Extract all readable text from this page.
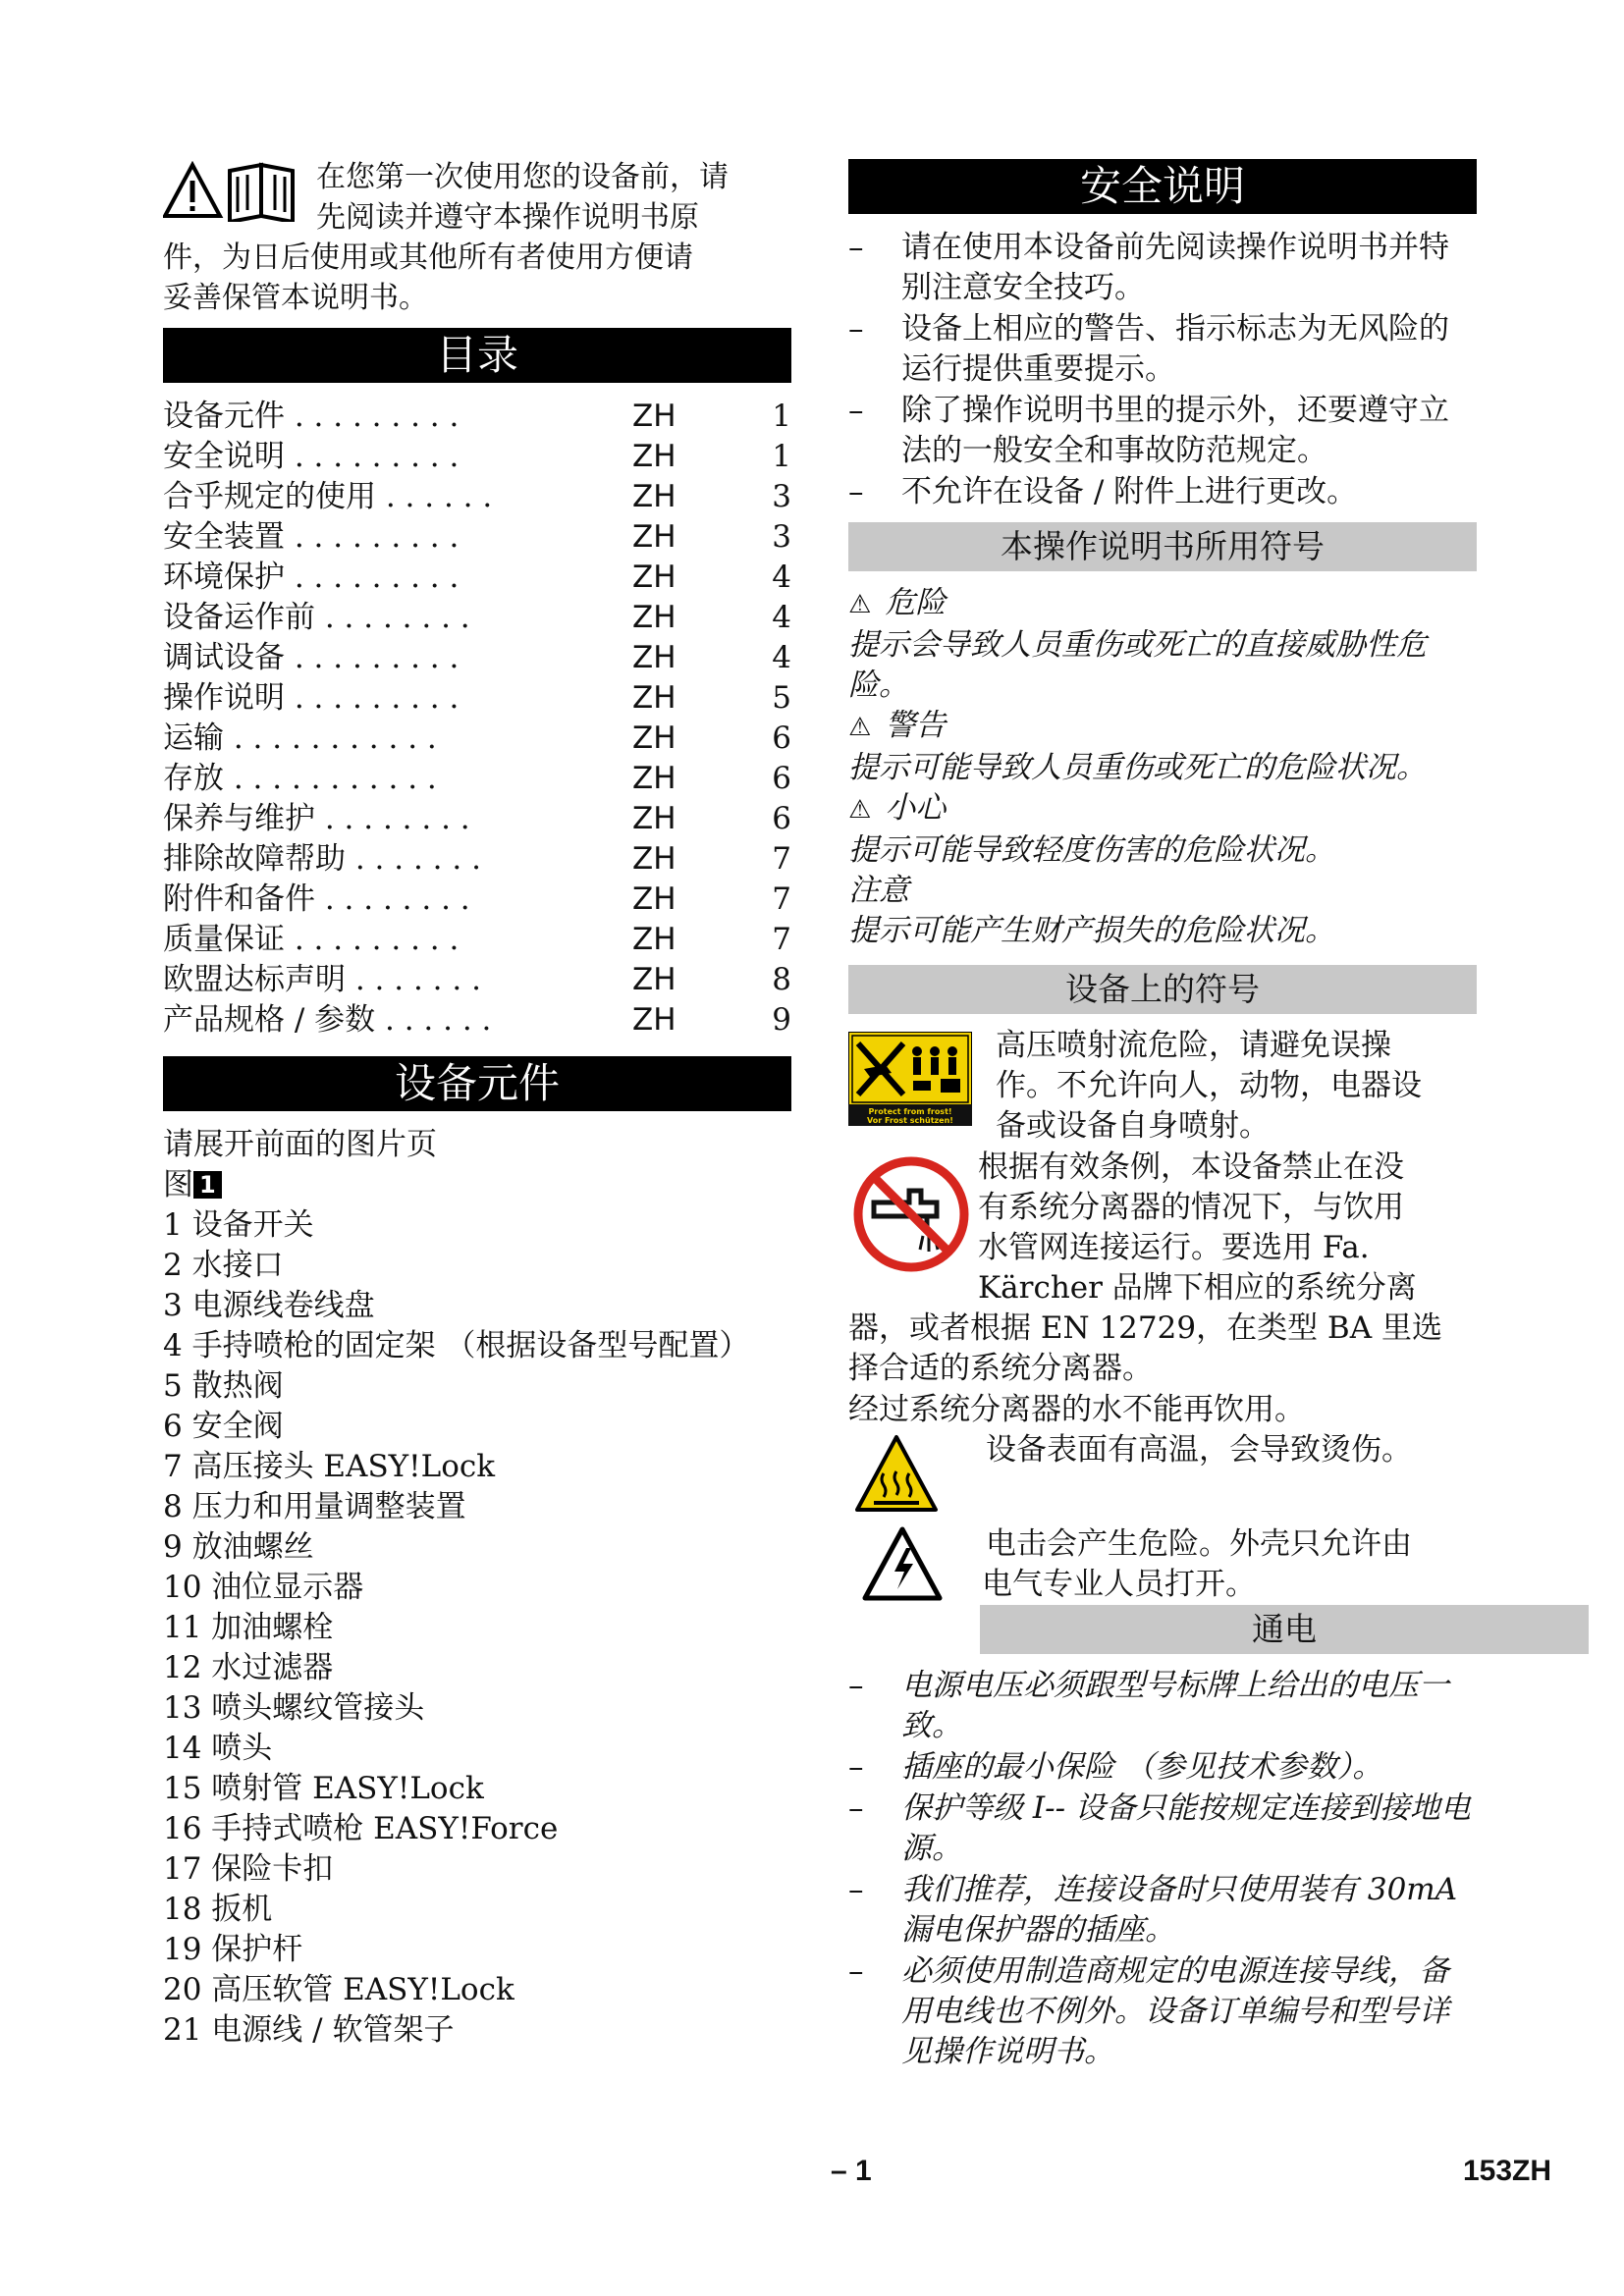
在您第一次使用您的设备前，请
先阅读并遵守本操作说明书原
件，为日后使用或其他所有者使用方便请
妥善保管本说明书。
目录
设备元件 . . . . . . . . .	ZH	1
安全说明 . . . . . . . . .	ZH	1
合乎规定的使用 . . . . . .	ZH	3
安全装置 . . . . . . . . .	ZH	3
环境保护 . . . . . . . . .	ZH	4
设备运作前 . . . . . . . .	ZH	4
调试设备 . . . . . . . . .	ZH	4
操作说明 . . . . . . . . .	ZH	5
运输 . . . . . . . . . . .	ZH	6
存放 . . . . . . . . . . .	ZH	6
保养与维护 . . . . . . . .	ZH	6
排除故障帮助 . . . . . . .	ZH	7
附件和备件 . . . . . . . .	ZH	7
质量保证 . . . . . . . . .	ZH	7
欧盟达标声明 . . . . . . .	ZH	8
产品规格 / 参数 . . . . . .	ZH	9
设备元件
请展开前面的图片页
图 1
1 设备开关
2 水接口
3 电源线卷线盘
4 手持喷枪的固定架 （根据设备型号配置）
5 散热阀
6 安全阀
7 高压接头 EASY!Lock
8 压力和用量调整装置
9 放油螺丝
10 油位显示器
11 加油螺栓
12 水过滤器
13 喷头螺纹管接头
14 喷头
15 喷射管 EASY!Lock
16 手持式喷枪 EASY!Force
17 保险卡扣
18 扳机
19 保护杆
20 高压软管 EASY!Lock
21 电源线 / 软管架子
安全说明
– 请在使用本设备前先阅读操作说明书并特别注意安全技巧。
– 设备上相应的警告、指示标志为无风险的运行提供重要提示。
– 除了操作说明书里的提示外，还要遵守立法的一般安全和事故防范规定。
– 不允许在设备 / 附件上进行更改。
本操作说明书所用符号
⚠ 危险
提示会导致人员重伤或死亡的直接威胁性危险。
⚠ 警告
提示可能导致人员重伤或死亡的危险状况。
⚠ 小心
提示可能导致轻度伤害的危险状况。
注意
提示可能产生财产损失的危险状况。
设备上的符号
Protect from frost!
Vor Frost schützen!
高压喷射流危险，请避免误操
作。不允许向人，动物，电器设
备或设备自身喷射。
根据有效条例，本设备禁止在没
有系统分离器的情况下，与饮用
水管网连接运行。要选用 Fa.
Kärcher 品牌下相应的系统分离
器，或者根据 EN 12729，在类型 BA 里选
择合适的系统分离器。
经过系统分离器的水不能再饮用。
设备表面有高温，会导致烫伤。
电击会产生危险。外壳只允许由
电气专业人员打开。
通电
– 电源电压必须跟型号标牌上给出的电压一致。
– 插座的最小保险 （参见技术参数）。
– 保护等级 I-- 设备只能按规定连接到接地电源。
– 我们推荐，连接设备时只使用装有 30mA 漏电保护器的插座。
– 必须使用制造商规定的电源连接导线，备用电线也不例外。设备订单编号和型号详见操作说明书。
– 1	153ZH
